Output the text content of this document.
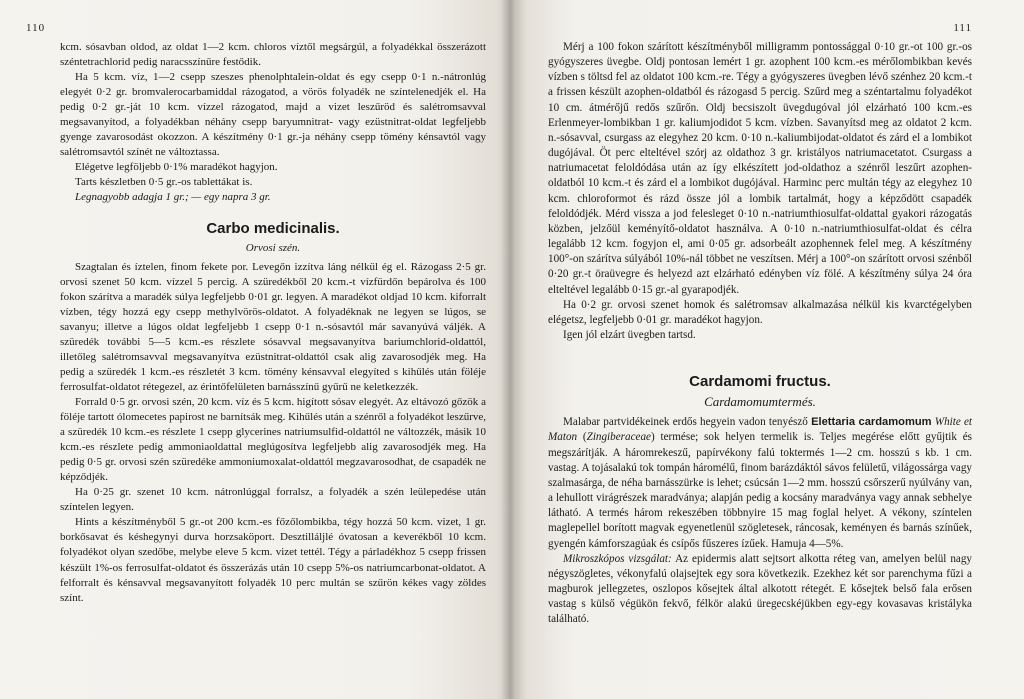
110

kcm. sósavban oldod, az oldat 1—2 kcm. chloros víztől megsárgúl, a folyadékkal összerázott széntetrachlorid pedig naracsszínűre festődik.

Ha 5 kcm. víz, 1—2 csepp szeszes phenolphtalein-oldat és egy csepp 0·1 n.-nátronlúg elegyét 0·2 gr. bromvalerocarbamiddal rázogatod, a vörös folyadék ne színtelenedjék el. Ha pedig 0·2 gr.-ját 10 kcm. vízzel rázogatod, majd a vizet leszűröd és salétromsavval megsavanyítod, a folyadékban néhány csepp baryumnitrat- vagy ezüstnitrat-oldat legfeljebb gyenge zavarosodást okozzon. A készítmény 0·1 gr.-ja néhány csepp tömény kénsavtól vagy salétromsavtól színét ne változtassa.

Elégetve legföljebb 0·1% maradékot hagyjon.

Tarts készletben 0·5 gr.-os tablettákat is.

Legnagyobb adagja 1 gr.; — egy napra 3 gr.

Carbo medicinalis.

Orvosi szén.

Szagtalan és íztelen, finom fekete por. Levegőn izzítva láng nélkül ég el. Rázogass 2·5 gr. orvosi szenet 50 kcm. vízzel 5 percig. A szüredékből 20 kcm.-t vízfürdőn bepárolva és 100 fokon szárítva a maradék súlya legfeljebb 0·01 gr. legyen. A maradékot oldjad 10 kcm. kiforralt vízben, tégy hozzá egy csepp methylvörös-oldatot. A folyadéknak ne legyen se lúgos, se savanyu; illetve a lúgos oldat legfeljebb 1 csepp 0·1 n.-sósavtól már savanyúvá váljék. A szüredék további 5—5 kcm.-es részlete sósavval megsavanyítva bariumchlorid-oldattól, illetőleg salétromsavval megsavanyítva ezüstnitrat-oldattól csak alig zavarosodjék meg. Ha pedig a szüredék 1 kcm.-es részletét 3 kcm. tömény kénsavval elegyíted s kihűlés után föléje ferrosulfat-oldatot rétegezel, az érintőfelületen barnásszínű gyűrű ne keletkezzék.

Forrald 0·5 gr. orvosi szén, 20 kcm. víz és 5 kcm. higított sósav elegyét. Az eltávozó gőzök a föléje tartott ólomecetes papirost ne barnítsák meg. Kihűlés után a szénről a folyadékot leszűrve, a szüredék 10 kcm.-es részlete 1 csepp glycerines natriumsulfid-oldattól ne változzék, másik 10 kcm.-es részlete pedig ammoniaoldattal meglúgosítva legfeljebb alig zavarosodjék meg. Ha pedig 0·5 gr. orvosi szén szüredéke ammoniumoxalat-oldattól megzavarosodhat, de csapadék ne képződjék.

Ha 0·25 gr. szenet 10 kcm. nátronlúggal forralsz, a folyadék a szén leülepedése után színtelen legyen.

Hints a készítményből 5 gr.-ot 200 kcm.-es főzőlombikba, tégy hozzá 50 kcm. vizet, 1 gr. borkősavat és késhegynyi durva horzsaköport. Desztilláljlé óvatosan a keverékből 10 kcm. folyadékot olyan szedőbe, melybe eleve 5 kcm. vizet tettél. Tégy a párladékhoz 5 csepp frissen készült 1%-os ferrosulfat-oldatot és összerázás után 10 csepp 5%-os natriumcarbonat-oldatot. A felforralt és kénsavval megsavanyított folyadék 10 perc multán se szűrön kékes vagy zöldes színt.

111

Mérj a 100 fokon szárított készítményből milligramm pontossággal 0·10 gr.-ot 100 gr.-os gyógyszeres üvegbe. Oldj pontosan lemért 1 gr. azophent 100 kcm.-es mérőlombikban kevés vízben s töltsd fel az oldatot 100 kcm.-re. Tégy a gyógyszeres üvegben lévő szénhez 20 kcm.-t a frissen készült azophen-oldatból és rázogasd 5 percig. Szűrd meg a széntartalmu folyadékot 10 cm. átmérőjű redős szűrőn. Oldj becsiszolt üvegdugóval jól elzárható 100 kcm.-es Erlenmeyer-lombikban 1 gr. kaliumjodidot 5 kcm. vízben. Savanyítsd meg az oldatot 2 kcm. n.-sósavval, csurgass az elegyhez 20 kcm. 0·10 n.-kaliumbijodat-oldatot és zárd el a lombikot dugójával. Öt perc elteltével szórj az oldathoz 3 gr. kristályos natriumacetatot. Csurgass a natriumacetat feloldódása után az így elkészített jod-oldathoz a szénről leszűrt azophen-oldatból 10 kcm.-t és zárd el a lombikot dugójával. Harminc perc multán tégy az elegyhez 10 kcm. chloroformot és rázd össze jól a lombik tartalmát, hogy a képződött csapadék feloldódjék. Mérd vissza a jod felesleget 0·10 n.-natriumthiosulfat-oldattal gyakori rázogatás közben, jelzőül keményítő-oldatot használva. A 0·10 n.-natriumthiosulfat-oldat és célra legalább 12 kcm. fogyjon el, ami 0·05 gr. adsorbeált azophennek felel meg. A készítmény 100°-on szárítva súlyából 10%-nál többet ne veszítsen. Mérj a 100°-on szárított orvosi szénből 0·20 gr.-t öraüvegre és helyezd azt elzárható edényben víz fölé. A készítmény súlya 24 óra elteltével legalább 0·15 gr.-al gyarapodjék.

Ha 0·2 gr. orvosi szenet homok és salétromsav alkalmazása nélkül kis kvarctégelyben elégetsz, legfeljebb 0·01 gr. maradékot hagyjon.

Igen jól elzárt üvegben tartsd.

Cardamomi fructus.

Cardamomumtermés.

Malabar partvidékeinek erdős hegyein vadon tenyésző Elettaria cardamomum White et Maton (Zingiberaceae) termése; sok helyen termelik is. Teljes megérése előtt gyűjtik és megszárítják. A háromrekeszű, papírvékony falú toktermés 1—2 cm. hosszú s kb. 1 cm. vastag. A tojásalakú tok tompán háromélű, finom barázdáktól sávos felületű, világossárga vagy szalmasárga, de néha barnásszürke is lehet; csúcsán 1—2 mm. hosszú csőrszerű nyúlvány van, a lehullott virágrészek maradványa; alapján pedig a kocsány maradványa vagy annak sebhelye látható. A termés három rekeszében többnyire 15 mag foglal helyet. A vékony, színtelen maglepellel borított magvak egyenetlenül szögletesek, ráncosak, keményen és barnás színűek, gyengén kámforszagúak és csípős fűszeres ízűek. Hamuja 4—5%.

Mikroszkópos vizsgálat: Az epidermis alatt sejtsort alkotta réteg van, amelyen belül nagy négyszögletes, vékonyfalú olajsejtek egy sora következik. Ezekhez két sor parenchyma fűzi a magburok jellegzetes, oszlopos kősejtek által alkotott rétegét. E kősejtek belső fala erősen vastag s külső végükön fekvő, félkör alakú üregecskéjükben egy-egy kovasavas kristályka található.
